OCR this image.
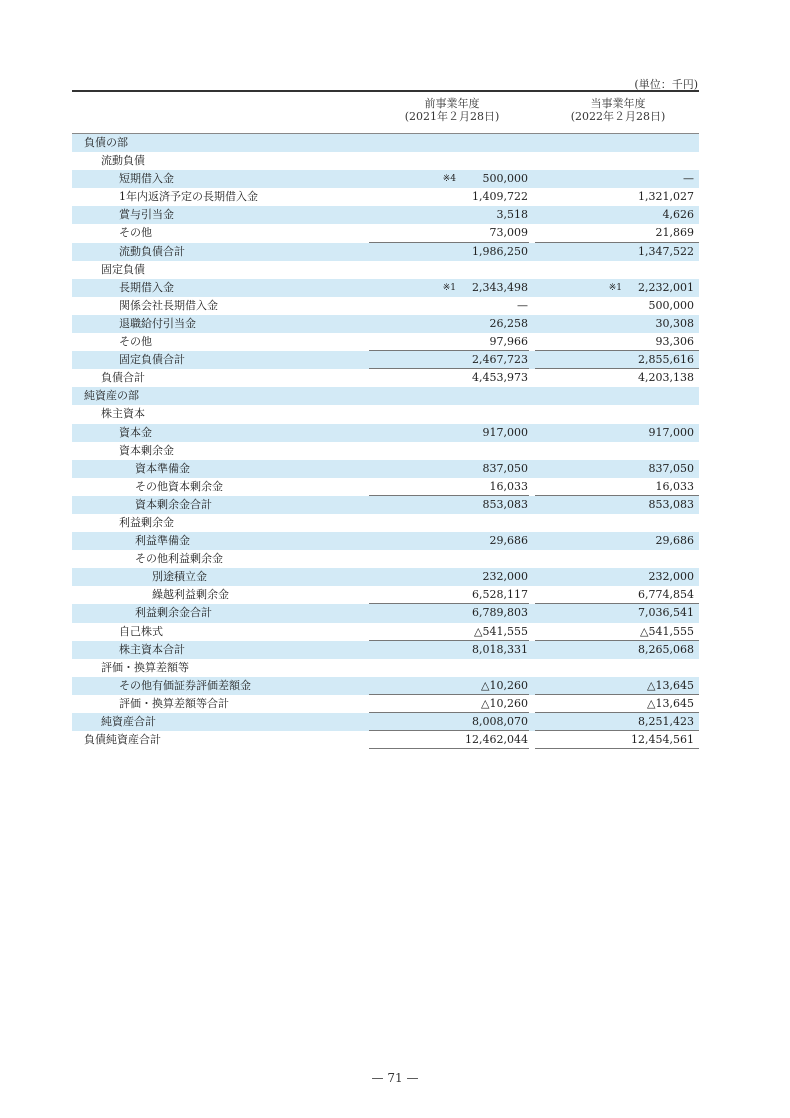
(単位：千円)
前事業年度
(2021年２月28日)
当事業年度
(2022年２月28日)
負債の部
流動負債
短期借入金	※4 500,000	—
1年内返済予定の長期借入金	1,409,722	1,321,027
賞与引当金	3,518	4,626
その他	73,009	21,869
流動負債合計	1,986,250	1,347,522
固定負債
長期借入金	※1 2,343,498	※1 2,232,001
関係会社長期借入金	—	500,000
退職給付引当金	26,258	30,308
その他	97,966	93,306
固定負債合計	2,467,723	2,855,616
負債合計	4,453,973	4,203,138
純資産の部
株主資本
資本金	917,000	917,000
資本剰余金
資本準備金	837,050	837,050
その他資本剰余金	16,033	16,033
資本剰余金合計	853,083	853,083
利益剰余金
利益準備金	29,686	29,686
その他利益剰余金
別途積立金	232,000	232,000
繰越利益剰余金	6,528,117	6,774,854
利益剰余金合計	6,789,803	7,036,541
自己株式	△541,555	△541,555
株主資本合計	8,018,331	8,265,068
評価・換算差額等
その他有価証券評価差額金	△10,260	△13,645
評価・換算差額等合計	△10,260	△13,645
純資産合計	8,008,070	8,251,423
負債純資産合計	12,462,044	12,454,561
— 71 —
